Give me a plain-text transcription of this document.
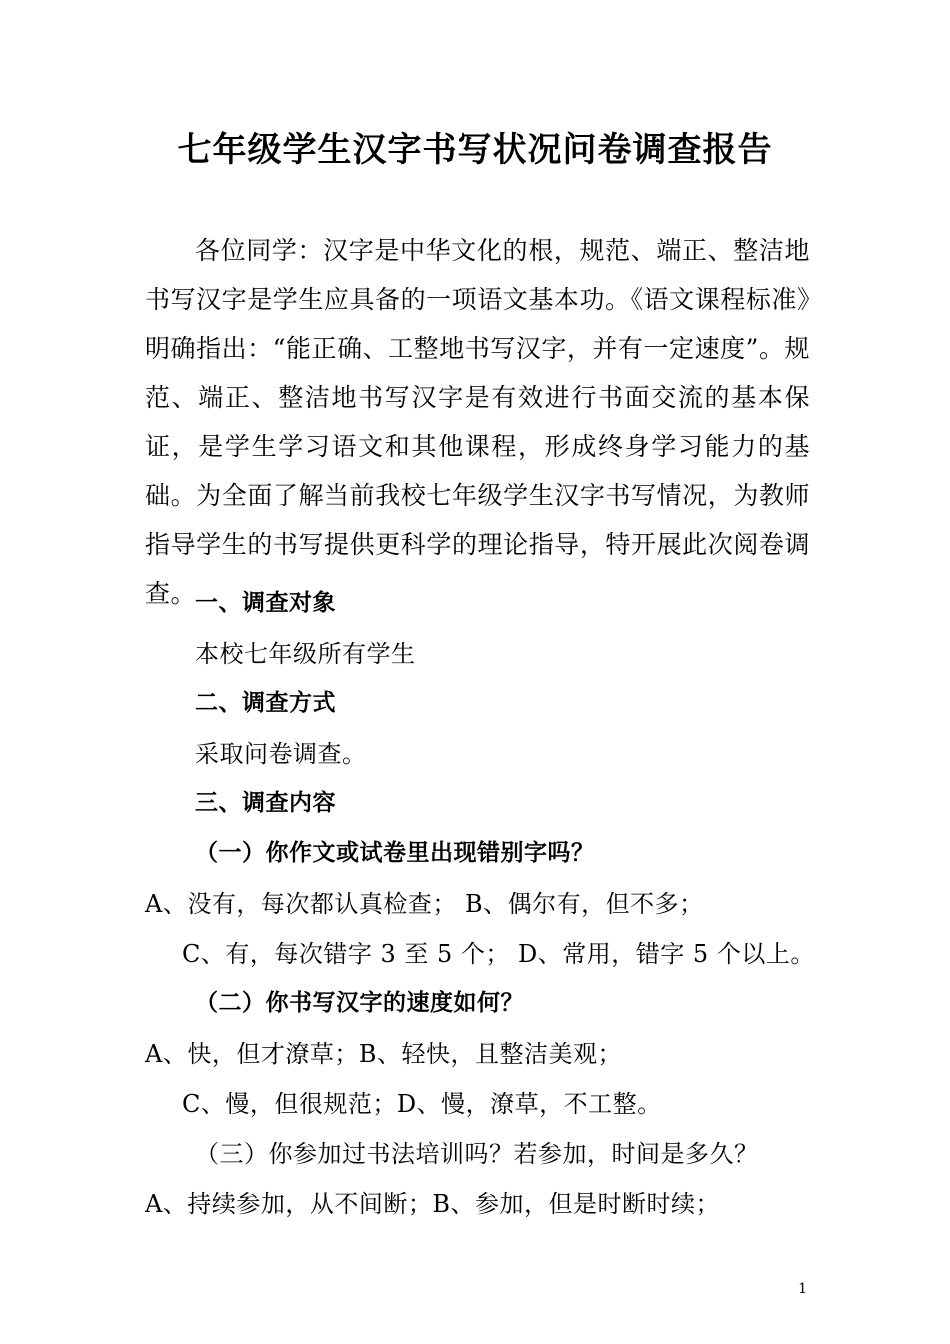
七年级学生汉字书写状况问卷调查报告

各位同学：汉字是中华文化的根，规范、端正、整洁地书写汉字是学生应具备的一项语文基本功。《语文课程标准》明确指出：“能正确、工整地书写汉字，并有一定速度”。规范、端正、整洁地书写汉字是有效进行书面交流的基本保证，是学生学习语文和其他课程，形成终身学习能力的基础。为全面了解当前我校七年级学生汉字书写情况，为教师指导学生的书写提供更科学的理论指导，特开展此次阅卷调查。

一、调查对象
本校七年级所有学生
二、调查方式
采取问卷调查。
三、调查内容
（一）你作文或试卷里出现错别字吗？
A、没有，每次都认真检查； B、偶尔有，但不多；
C、有，每次错字 3 至 5 个； D、常用，错字 5 个以上。
（二）你书写汉字的速度如何？
A、快，但才潦草；B、轻快，且整洁美观；
C、慢，但很规范；D、慢，潦草，不工整。
（三）你参加过书法培训吗？若参加，时间是多久？
A、持续参加，从不间断；B、参加，但是时断时续；
1
